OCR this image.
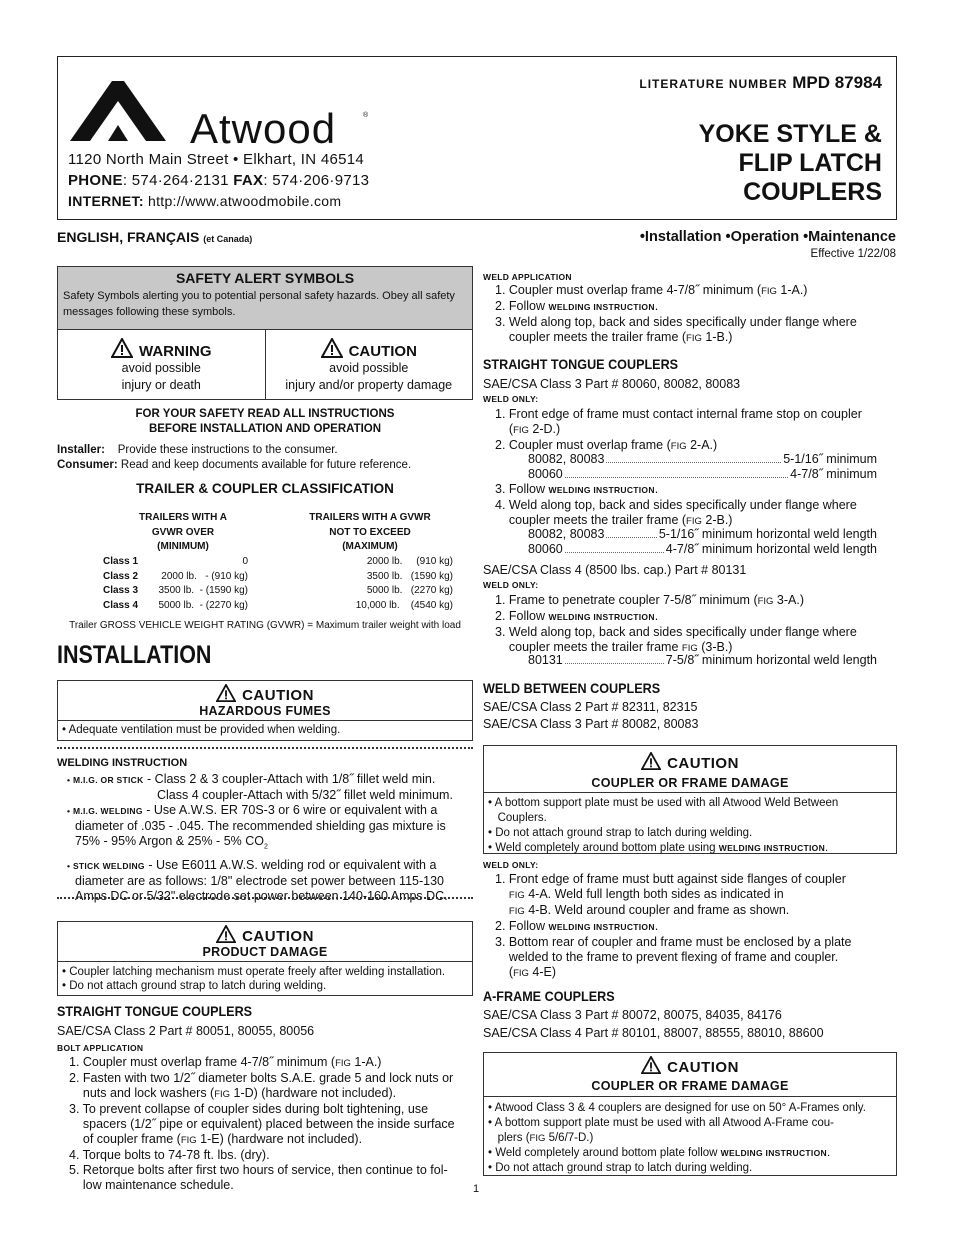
Atwood	®
1120 North Main Street • Elkhart, IN 46514
PHONE: 574·264·2131 FAX: 574·206·9713
INTERNET: http://www.atwoodmobile.com
LITERATURE NUMBER MPD 87984
YOKE STYLE &
FLIP LATCH
COUPLERS
ENGLISH, FRANÇAIS (et Canada)	•Installation •Operation •Maintenance
Effective 1/22/08
SAFETY ALERT SYMBOLS
Safety Symbols alerting you to potential personal safety hazards. Obey all safety messages following these symbols.
WARNING
avoid possible
injury or death
CAUTION
avoid possible
injury and/or property damage
FOR YOUR SAFETY READ ALL INSTRUCTIONS
BEFORE INSTALLATION AND OPERATION
Installer: Provide these instructions to the consumer.
Consumer: Read and keep documents available for future reference.
TRAILER & COUPLER CLASSIFICATION
TRAILERS WITH A
GVWR OVER
(MINIMUM)
TRAILERS WITH A GVWR
NOT TO EXCEED
(MAXIMUM)
Class 1	0	2000 lb.     (910 kg)
Class 2	2000 lb.   - (910 kg)	3500 lb.   (1590 kg)
Class 3	3500 lb.  - (1590 kg)	5000 lb.   (2270 kg)
Class 4	5000 lb.  - (2270 kg)	10,000 lb.    (4540 kg)
Trailer GROSS VEHICLE WEIGHT RATING (GVWR) = Maximum trailer weight with load
INSTALLATION
CAUTION
HAZARDOUS FUMES
• Adequate ventilation must be provided when welding.
WELDING INSTRUCTION
• M.I.G. OR STICK - Class 2 & 3 coupler-Attach with 1/8˝ fillet weld min.
Class 4 coupler-Attach with 5/32˝ fillet weld minimum.
• M.I.G. WELDING - Use A.W.S. ER 70S-3 or 6 wire or equivalent with a
diameter of .035 - .045. The recommended shielding gas mixture is
75% - 95% Argon & 25% - 5% $CO_2$
• STICK WELDING - Use E6011 A.W.S. welding rod or equivalent with a
diameter are as follows: 1/8" electrode set power between 115-130
Amps DC or 5/32" electrode set power between 140-160 Amps DC.
CAUTION
PRODUCT DAMAGE
• Coupler latching mechanism must operate freely after welding installation.
• Do not attach ground strap to latch during welding.
STRAIGHT TONGUE COUPLERS
SAE/CSA Class 2 Part # 80051, 80055, 80056
BOLT APPLICATION
1. Coupler must overlap frame 4-7/8˝ minimum (FIG 1-A.)
2. Fasten with two 1/2˝ diameter bolts S.A.E. grade 5 and lock nuts or
nuts and lock washers (FIG 1-D) (hardware not included).
3. To prevent collapse of coupler sides during bolt tightening, use
spacers (1/2˝ pipe or equivalent) placed between the inside surface
of coupler frame (FIG 1-E) (hardware not included).
4. Torque bolts to 74-78 ft. lbs. (dry).
5. Retorque bolts after first two hours of service, then continue to fol-
low maintenance schedule.
WELD APPLICATION
1. Coupler must overlap frame 4-7/8˝ minimum (FIG 1-A.)
2. Follow WELDING INSTRUCTION.
3. Weld along top, back and sides specifically under flange where
coupler meets the trailer frame (FIG 1-B.)
STRAIGHT TONGUE COUPLERS
SAE/CSA Class 3 Part # 80060, 80082, 80083
WELD ONLY:
1. Front edge of frame must contact internal frame stop on coupler
(FIG 2-D.)
2. Coupler must overlap frame (FIG 2-A.)
80082, 80083	5-1/16˝ minimum
80060	4-7/8˝ minimum
3. Follow WELDING INSTRUCTION.
4. Weld along top, back and sides specifically under flange where
coupler meets the trailer frame (FIG 2-B.)
80082, 80083	5-1/16˝ minimum horizontal weld length
80060	4-7/8˝ minimum horizontal weld length
SAE/CSA Class 4 (8500 lbs. cap.) Part # 80131
WELD ONLY:
1. Frame to penetrate coupler 7-5/8˝ minimum (FIG 3-A.)
2. Follow WELDING INSTRUCTION.
3. Weld along top, back and sides specifically under flange where
coupler meets the trailer frame FIG (3-B.)
80131	7-5/8˝ minimum horizontal weld length
WELD BETWEEN COUPLERS
SAE/CSA Class 2 Part # 82311, 82315
SAE/CSA Class 3 Part # 80082, 80083
CAUTION
COUPLER OR FRAME DAMAGE
• A bottom support plate must be used with all Atwood Weld Between
Couplers.
• Do not attach ground strap to latch during welding.
• Weld completely around bottom plate using WELDING INSTRUCTION.
WELD ONLY:
1. Front edge of frame must butt against side flanges of coupler
FIG 4-A. Weld full length both sides as indicated in
FIG 4-B. Weld around coupler and frame as shown.
2. Follow WELDING INSTRUCTION.
3. Bottom rear of coupler and frame must be enclosed by a plate
welded to the frame to prevent flexing of frame and coupler.
(FIG 4-E)
A-FRAME COUPLERS
SAE/CSA Class 3 Part # 80072, 80075, 84035, 84176
SAE/CSA Class 4 Part # 80101, 88007, 88555, 88010, 88600
CAUTION
COUPLER OR FRAME DAMAGE
• Atwood Class 3 & 4 couplers are designed for use on 50° A-Frames only.
• A bottom support plate must be used with all Atwood A-Frame cou-
plers (FIG 5/6/7-D.)
• Weld completely around bottom plate follow WELDING INSTRUCTION.
• Do not attach ground strap to latch during welding.
1
